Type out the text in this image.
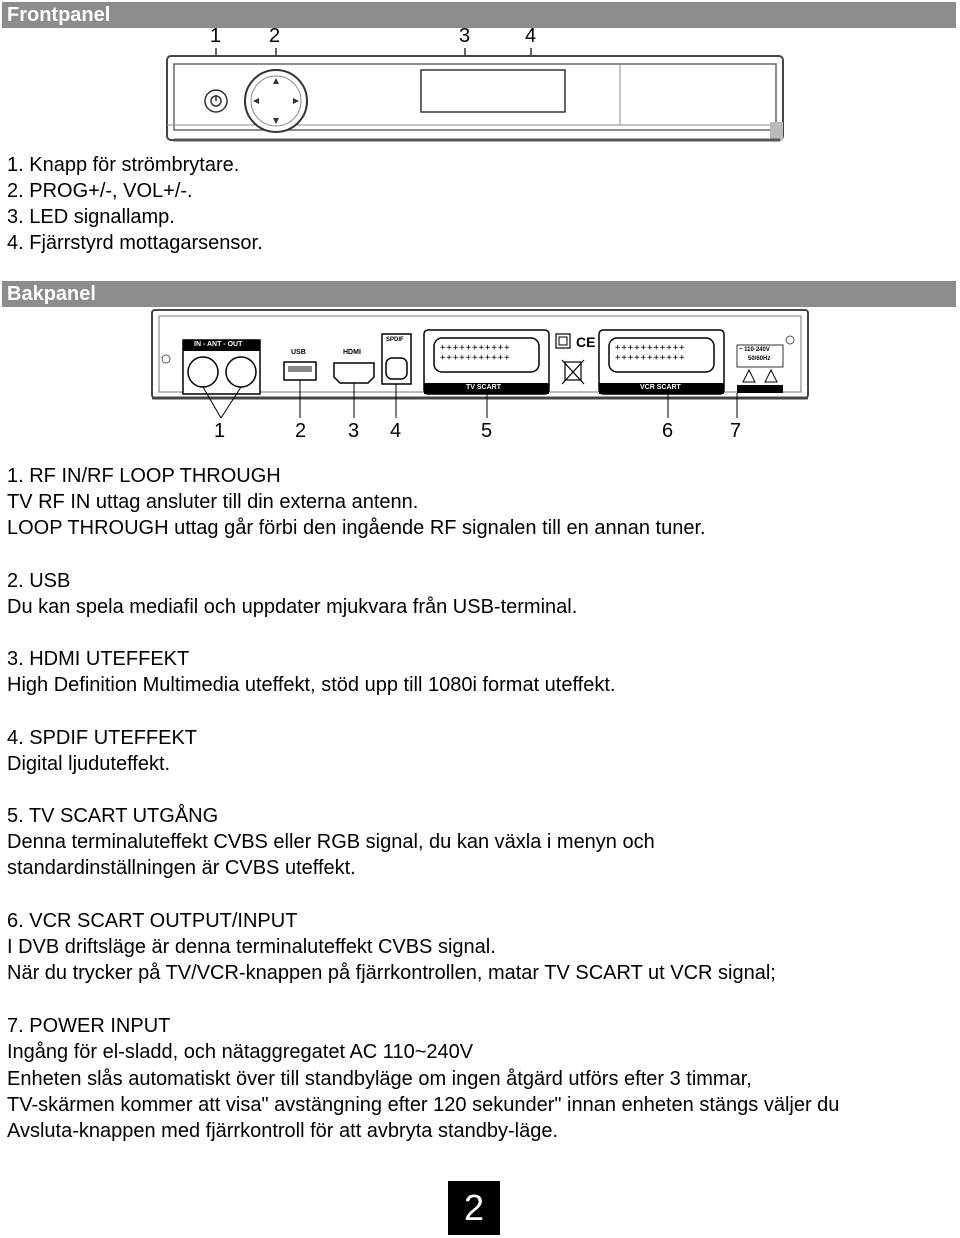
Frontpanel
1 2	3	4
1. Knapp för strömbrytare.
2. PROG+/-, VOL+/-.
3. LED signallamp.
4. Fjärrstyrd mottagarsensor.
Bakpanel
CE
+++++++++++
+++++++++++
+++++++++++
+++++++++++
IN - ANT - OUT
USB	HDMI
SPDIF
TV SCART	VCR SCART
~ 110-240V
50/60Hz
1	2 3 4	5	6	7
1. RF IN/RF LOOP THROUGH
TV RF IN uttag ansluter till din externa antenn.
LOOP THROUGH uttag går förbi den ingående RF signalen till en annan tuner.
2. USB
Du kan spela mediafil och uppdater mjukvara från USB-terminal.
3. HDMI UTEFFEKT
High Definition Multimedia uteffekt, stöd upp till 1080i format uteffekt.
4. SPDIF UTEFFEKT
Digital ljuduteffekt.
5. TV SCART UTGÅNG
Denna terminaluteffekt CVBS eller RGB signal, du kan växla i menyn och
standardinställningen är CVBS uteffekt.
6. VCR SCART OUTPUT/INPUT
I DVB driftsläge är denna terminaluteffekt CVBS signal.
När du trycker på TV/VCR-knappen på fjärrkontrollen, matar TV SCART ut VCR signal;
7. POWER INPUT
Ingång för el-sladd, och nätaggregatet AC 110~240V
Enheten slås automatiskt över till standbyläge om ingen åtgärd utförs efter 3 timmar,
TV-skärmen kommer att visa" avstängning efter 120 sekunder" innan enheten stängs väljer du
Avsluta-knappen med fjärrkontroll för att avbryta standby-läge.
2
